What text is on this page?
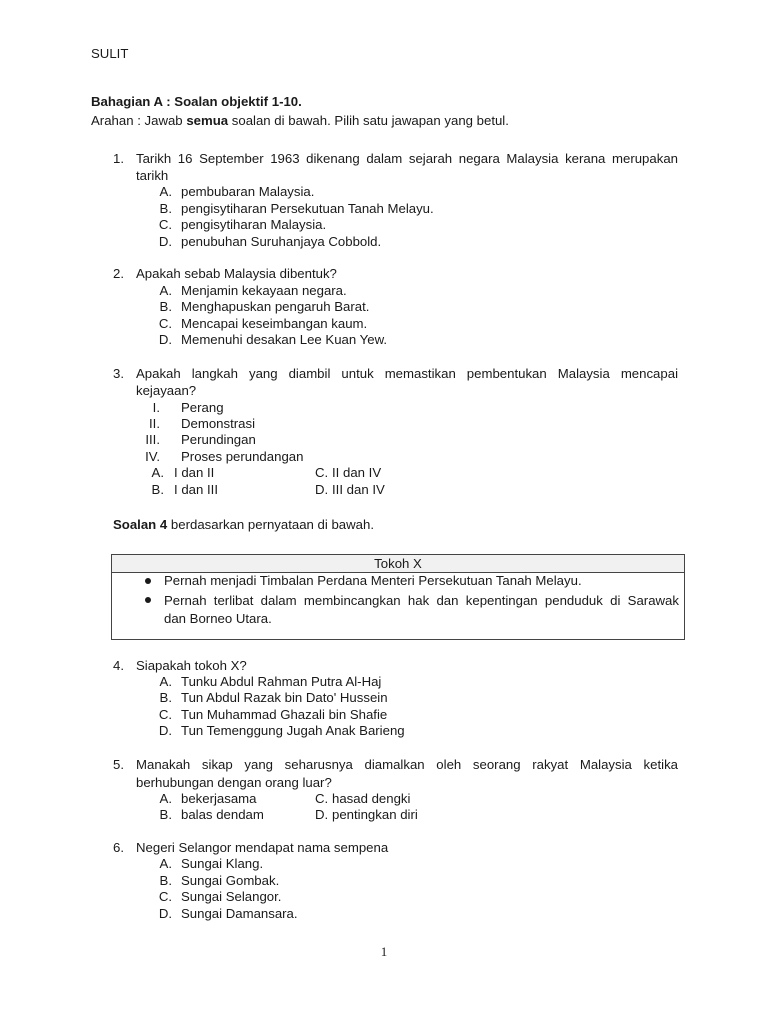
SULIT
Bahagian A : Soalan objektif 1-10.
Arahan : Jawab semua soalan di bawah. Pilih satu jawapan yang betul.
1. Tarikh 16 September 1963 dikenang dalam sejarah negara Malaysia kerana merupakan
tarikh
A. pembubaran Malaysia.
B. pengisytiharan Persekutuan Tanah Melayu.
C. pengisytiharan Malaysia.
D. penubuhan Suruhanjaya Cobbold.
2. Apakah sebab Malaysia dibentuk?
A. Menjamin kekayaan negara.
B. Menghapuskan pengaruh Barat.
C. Mencapai keseimbangan kaum.
D. Memenuhi desakan Lee Kuan Yew.
3. Apakah langkah yang diambil untuk memastikan pembentukan Malaysia mencapai
kejayaan?
I. Perang
II. Demonstrasi
III. Perundingan
IV. Proses perundangan
A. I dan II	C. II dan IV
B. I dan III	D. III dan IV
Soalan 4 berdasarkan pernyataan di bawah.
Tokoh X
Pernah menjadi Timbalan Perdana Menteri Persekutuan Tanah Melayu.
Pernah terlibat dalam membincangkan hak dan kepentingan penduduk di Sarawak
dan Borneo Utara.
4. Siapakah tokoh X?
A. Tunku Abdul Rahman Putra Al-Haj
B. Tun Abdul Razak bin Dato' Hussein
C. Tun Muhammad Ghazali bin Shafie
D. Tun Temenggung Jugah Anak Barieng
5. Manakah sikap yang seharusnya diamalkan oleh seorang rakyat Malaysia ketika
berhubungan dengan orang luar?
A. bekerjasama	C. hasad dengki
B. balas dendam	D. pentingkan diri
6. Negeri Selangor mendapat nama sempena
A. Sungai Klang.
B. Sungai Gombak.
C. Sungai Selangor.
D. Sungai Damansara.
1
